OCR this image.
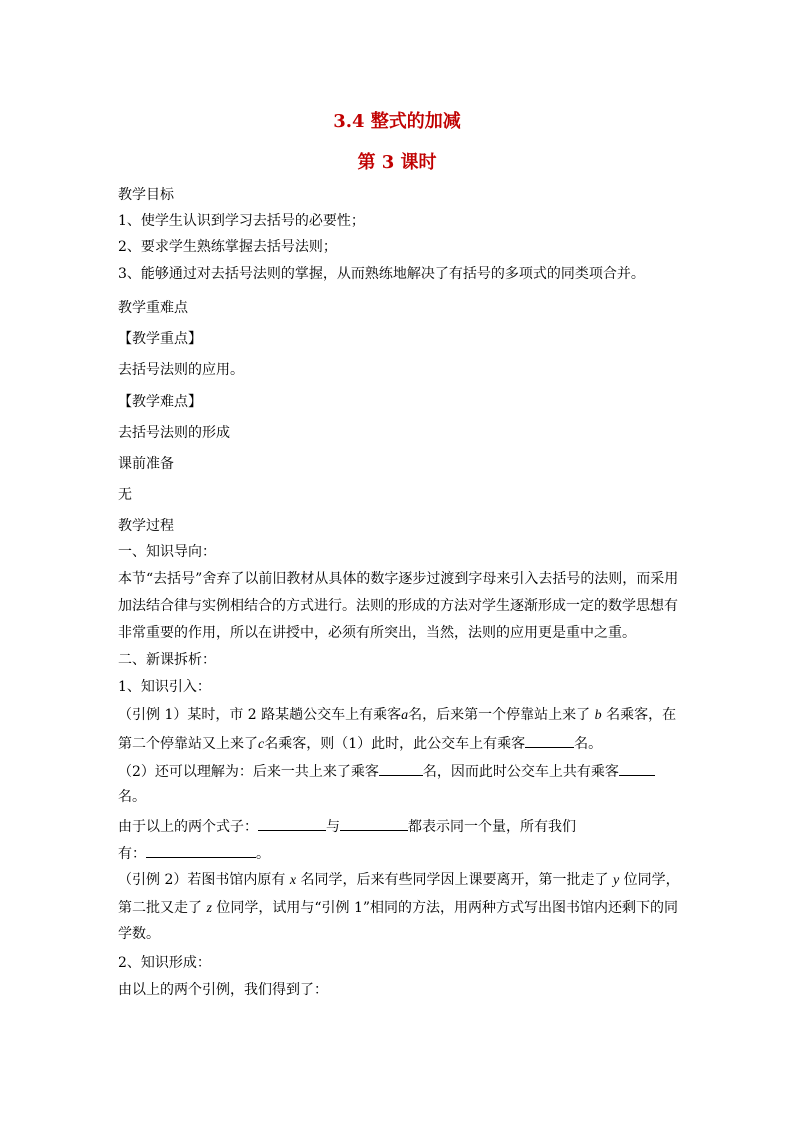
3.4 整式的加减
第 3 课时
教学目标
1、使学生认识到学习去括号的必要性；
2、要求学生熟练掌握去括号法则；
3、能够通过对去括号法则的掌握，从而熟练地解决了有括号的多项式的同类项合并。
教学重难点
【教学重点】
去括号法则的应用。
【教学难点】
去括号法则的形成
课前准备
无
教学过程
一、知识导向：
本节“去括号”舍弃了以前旧教材从具体的数字逐步过渡到字母来引入去括号的法则，而采用
加法结合律与实例相结合的方式进行。法则的形成的方法对学生逐渐形成一定的数学思想有
非常重要的作用，所以在讲授中，必须有所突出，当然，法则的应用更是重中之重。
二、新课拆析：
1、知识引入：
（引例 1）某时，市 2 路某趟公交车上有乘客a名，后来第一个停靠站上来了 b 名乘客，在
第二个停靠站又上来了c名乘客，则（1）此时，此公交车上有乘客	名。
（2）还可以理解为：后来一共上来了乘客	名，因而此时公交车上共有乘客
名。
由于以上的两个式子：	与	都表示同一个量，所有我们
有：	。
（引例 2）若图书馆内原有 x 名同学，后来有些同学因上课要离开，第一批走了 y 位同学，
第二批又走了 z 位同学，试用与“引例 1”相同的方法，用两种方式写出图书馆内还剩下的同
学数。
2、知识形成：
由以上的两个引例，我们得到了：
